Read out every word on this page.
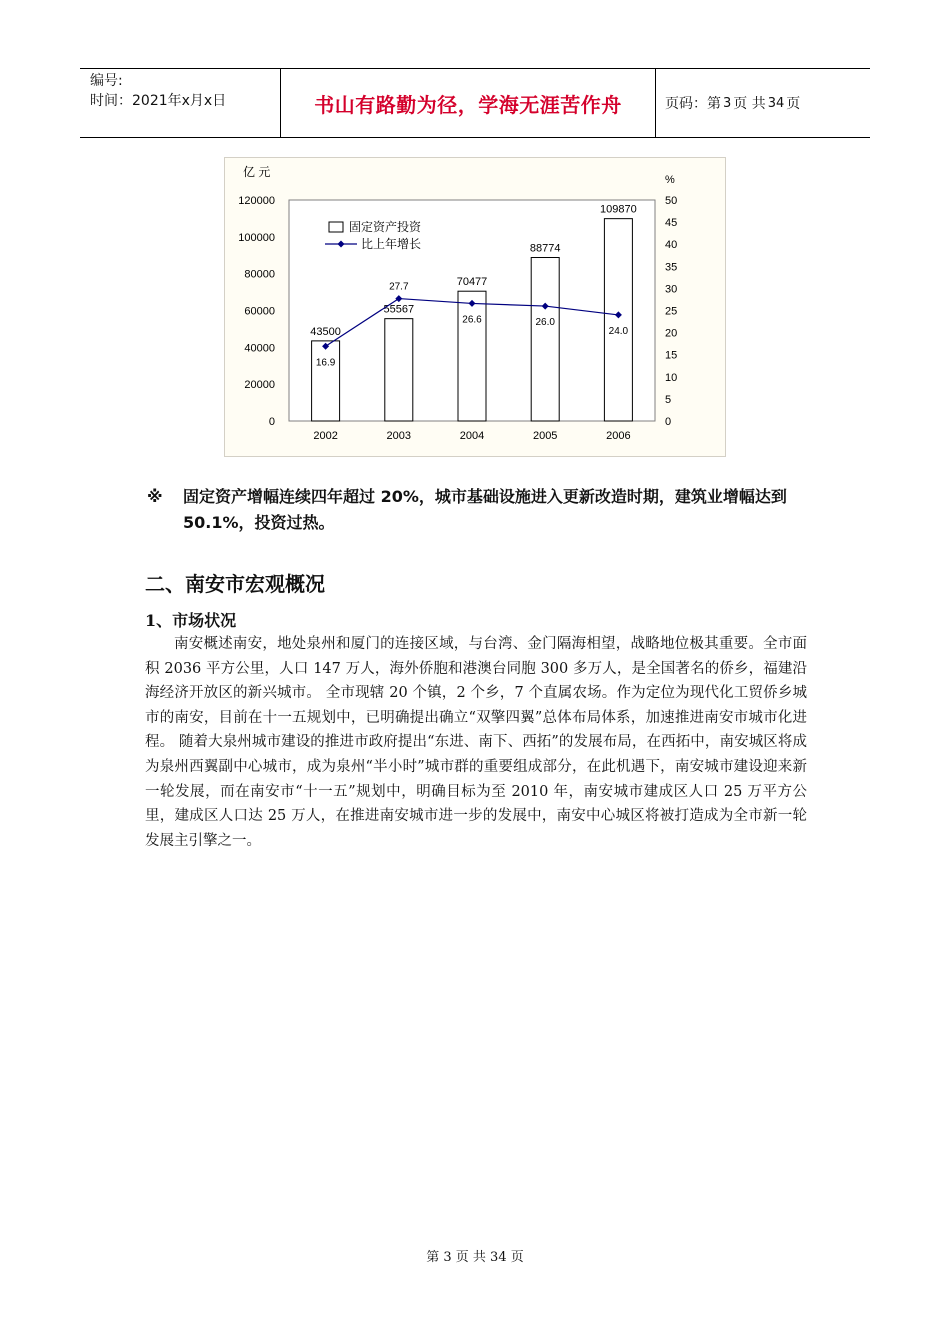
编号:
时间：2021年x月x日	书山有路勤为径，学海无涯苦作舟	页码：第 3 页 共 34 页
亿 元
%
0
20000
40000
60000
80000
100000
120000
0
5
10
15
20
25
30
35
40
45
50
43500
2002
55567
2003
70477
2004
88774
2005
109870
2006
16.9
27.7
26.6	26.0
24.0
固定资产投资
比上年增长
※ 固定资产增幅连续四年超过 20%，城市基础设施进入更新改造时期，建筑业增幅达到 50.1%，投资过热。
二、南安市宏观概况
1、市场状况
南安概述南安，地处泉州和厦门的连接区域，与台湾、金门隔海相望，战略地位极其重要。全市面积 2036 平方公里，人口 147 万人，海外侨胞和港澳台同胞 300 多万人，是全国著名的侨乡，福建沿海经济开放区的新兴城市。 全市现辖 20 个镇，2 个乡，7 个直属农场。作为定位为现代化工贸侨乡城市的南安，目前在十一五规划中，已明确提出确立“双擎四翼”总体布局体系，加速推进南安市城市化进程。 随着大泉州城市建设的推进市政府提出“东进、南下、西拓”的发展布局，在西拓中，南安城区将成为泉州西翼副中心城市，成为泉州“半小时”城市群的重要组成部分，在此机遇下，南安城市建设迎来新一轮发展，而在南安市“十一五”规划中，明确目标为至 2010 年，南安城市建成区人口 25 万平方公里，建成区人口达 25 万人，在推进南安城市进一步的发展中，南安中心城区将被打造成为全市新一轮发展主引擎之一。
第 3 页 共 34 页
